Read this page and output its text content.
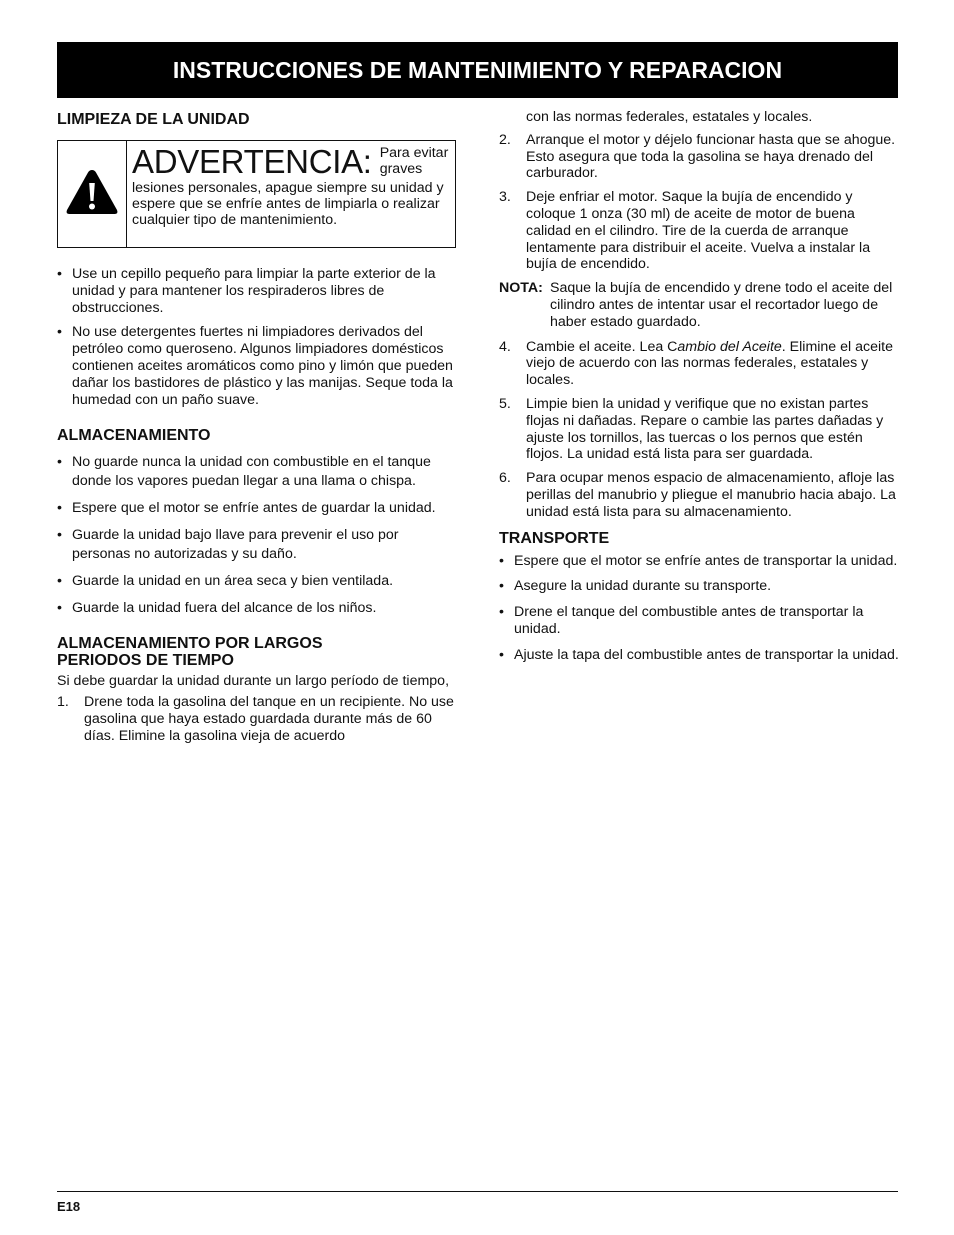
INSTRUCCIONES DE MANTENIMIENTO Y REPARACION
LIMPIEZA DE LA UNIDAD
ADVERTENCIA: Para evitar graves
lesiones personales, apague siempre su unidad y espere que se enfríe antes de limpiarla o realizar cualquier tipo de mantenimiento.
• Use un cepillo pequeño para limpiar la parte exterior de la unidad y para mantener los respiraderos libres de obstrucciones.
• No use detergentes fuertes ni limpiadores derivados del petróleo como queroseno. Algunos limpiadores domésticos contienen aceites aromáticos como pino y limón que pueden dañar los bastidores de plástico y las manijas. Seque toda la humedad con un paño suave.
ALMACENAMIENTO
• No guarde nunca la unidad con combustible en el tanque donde los vapores puedan llegar a una llama o chispa.
• Espere que el motor se enfríe antes de guardar la unidad.
• Guarde la unidad bajo llave para prevenir el uso por personas no autorizadas y su daño.
• Guarde la unidad en un área seca y bien ventilada.
• Guarde la unidad fuera del alcance de los niños.
ALMACENAMIENTO POR LARGOS PERIODOS DE TIEMPO
Si debe guardar la unidad durante un largo período de tiempo,
1. Drene toda la gasolina del tanque en un recipiente. No use gasolina que haya estado guardada durante más de 60 días. Elimine la gasolina vieja de acuerdo
con las normas federales, estatales y locales.
2. Arranque el motor y déjelo funcionar hasta que se ahogue. Esto asegura que toda la gasolina se haya drenado del carburador.
3. Deje enfriar el motor. Saque la bujía de encendido y coloque 1 onza (30 ml) de aceite de motor de buena calidad en el cilindro. Tire de la cuerda de arranque lentamente para distribuir el aceite. Vuelva a instalar la bujía de encendido.
NOTA: Saque la bujía de encendido y drene todo el aceite del cilindro antes de intentar usar el recortador luego de haber estado guardado.
4. Cambie el aceite. Lea Cambio del Aceite. Elimine el aceite viejo de acuerdo con las normas federales, estatales y locales.
5. Limpie bien la unidad y verifique que no existan partes flojas ni dañadas. Repare o cambie las partes dañadas y ajuste los tornillos, las tuercas o los pernos que estén flojos. La unidad está lista para ser guardada.
6. Para ocupar menos espacio de almacenamiento, afloje las perillas del manubrio y pliegue el manubrio hacia abajo. La unidad está lista para su almacenamiento.
TRANSPORTE
• Espere que el motor se enfríe antes de transportar la unidad.
• Asegure la unidad durante su transporte.
• Drene el tanque del combustible antes de transportar la unidad.
• Ajuste la tapa del combustible antes de transportar la unidad.
E18
